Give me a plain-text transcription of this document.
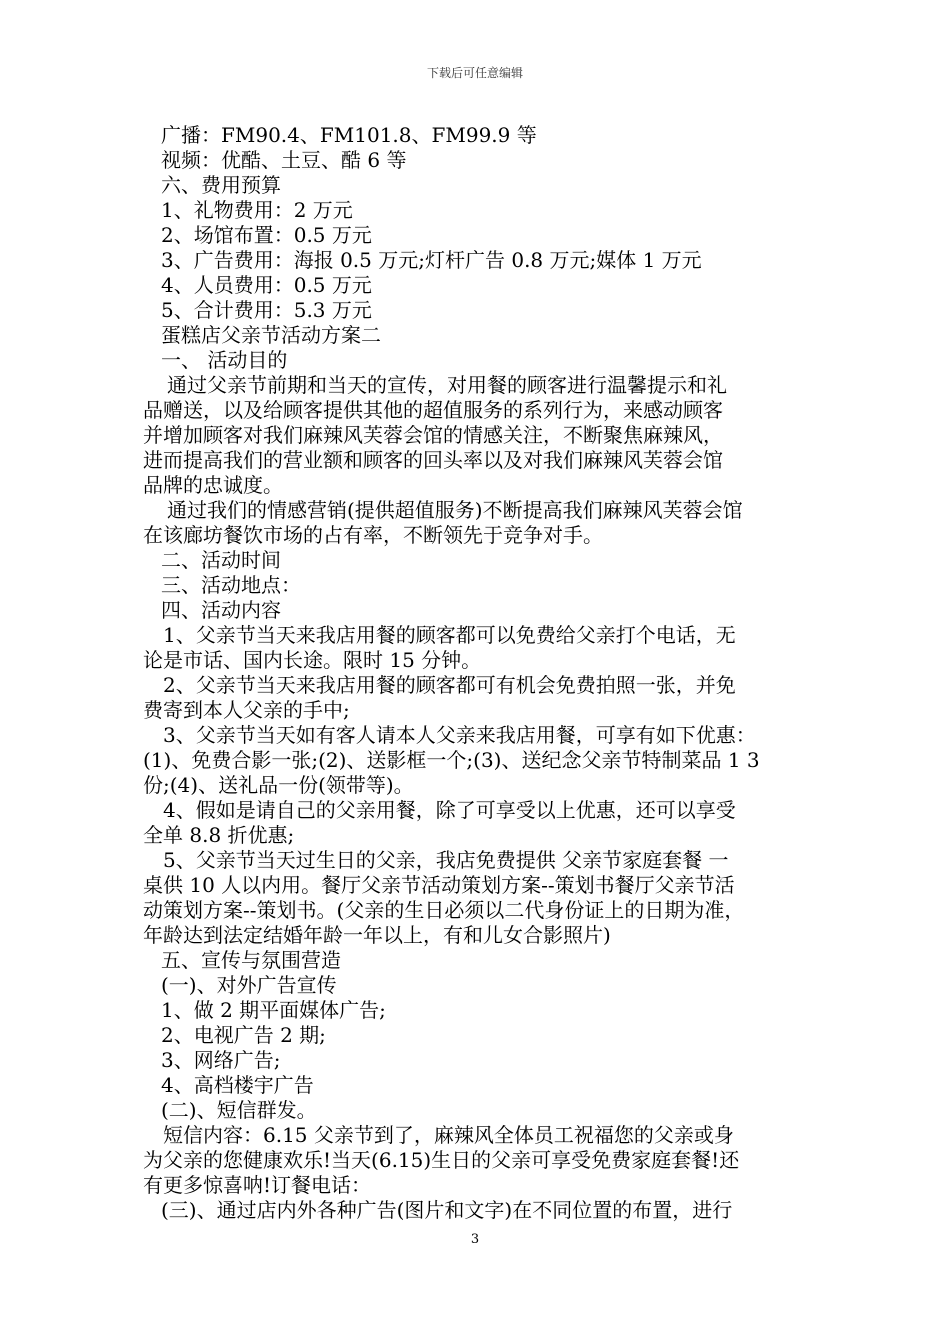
下载后可任意编辑
广播：FM90.4、FM101.8、FM99.9 等
视频：优酷、土豆、酷 6 等
六、费用预算
1、礼物费用：2 万元
2、场馆布置：0.5 万元
3、广告费用：海报 0.5 万元;灯杆广告 0.8 万元;媒体 1 万元
4、人员费用：0.5 万元
5、合计费用：5.3 万元
蛋糕店父亲节活动方案二
一、 活动目的
通过父亲节前期和当天的宣传，对用餐的顾客进行温馨提示和礼
品赠送，以及给顾客提供其他的超值服务的系列行为，来感动顾客
并增加顾客对我们麻辣风芙蓉会馆的情感关注，不断聚焦麻辣风，
进而提高我们的营业额和顾客的回头率以及对我们麻辣风芙蓉会馆
品牌的忠诚度。
通过我们的情感营销(提供超值服务)不断提高我们麻辣风芙蓉会馆
在该廊坊餐饮市场的占有率，不断领先于竞争对手。
二、活动时间
三、活动地点：
四、活动内容
1、父亲节当天来我店用餐的顾客都可以免费给父亲打个电话，无
论是市话、国内长途。限时 15 分钟。
2、父亲节当天来我店用餐的顾客都可有机会免费拍照一张，并免
费寄到本人父亲的手中;
3、父亲节当天如有客人请本人父亲来我店用餐，可享有如下优惠：
(1)、免费合影一张;(2)、送影框一个;(3)、送纪念父亲节特制菜品 1 3
份;(4)、送礼品一份(领带等)。
4、假如是请自己的父亲用餐，除了可享受以上优惠，还可以享受
全单 8.8 折优惠;
5、父亲节当天过生日的父亲，我店免费提供 父亲节家庭套餐 一
桌供 10 人以内用。餐厅父亲节活动策划方案--策划书餐厅父亲节活
动策划方案--策划书。(父亲的生日必须以二代身份证上的日期为准，
年龄达到法定结婚年龄一年以上，有和儿女合影照片)
五、宣传与氛围营造
(一)、对外广告宣传
1、做 2 期平面媒体广告;
2、电视广告 2 期;
3、网络广告;
4、高档楼宇广告
(二)、短信群发。
短信内容：6.15 父亲节到了，麻辣风全体员工祝福您的父亲或身
为父亲的您健康欢乐!当天(6.15)生日的父亲可享受免费家庭套餐!还
有更多惊喜呐!订餐电话：
(三)、通过店内外各种广告(图片和文字)在不同位置的布置，进行
3
